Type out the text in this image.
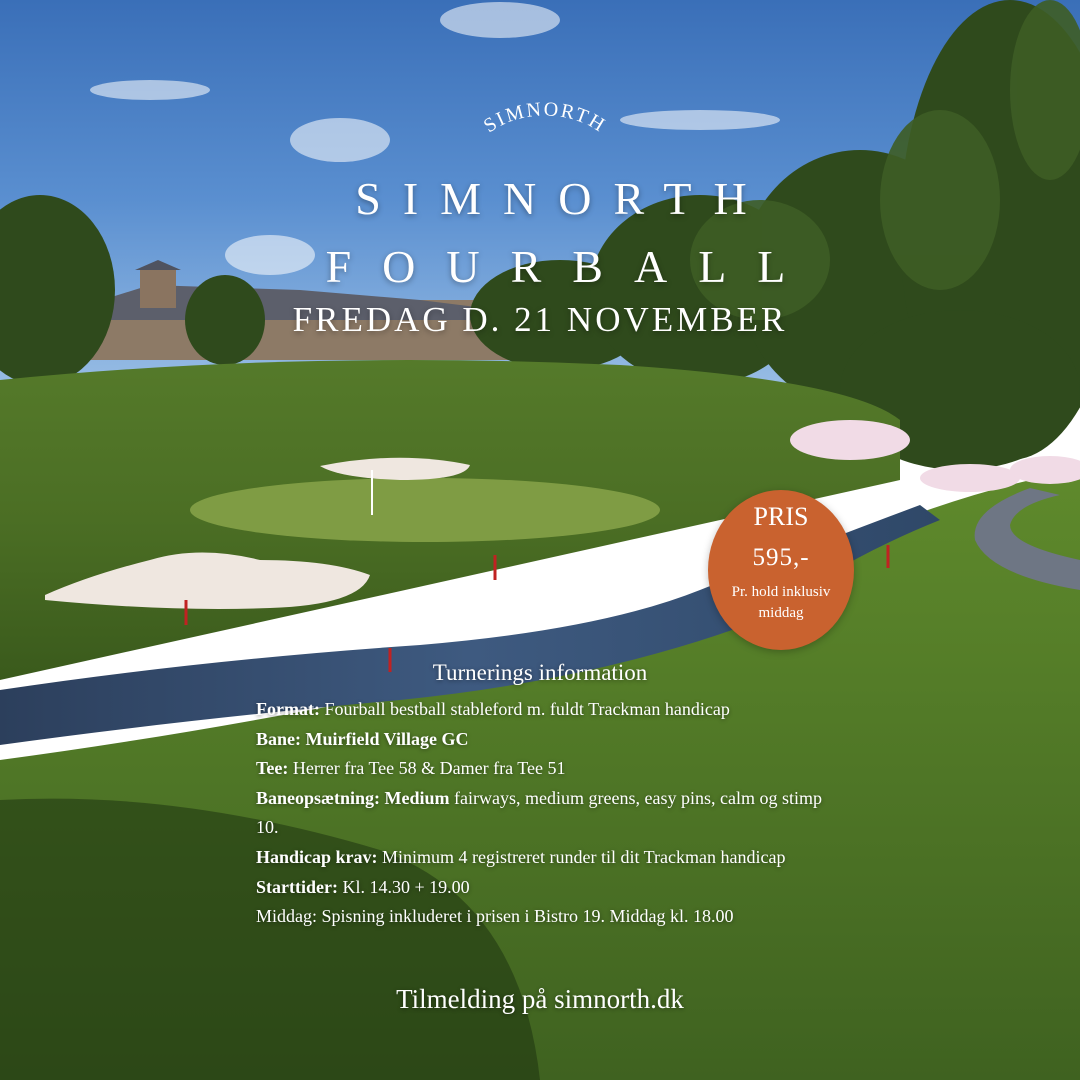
SIMNORTH
SIMNORTH
FOURBALL
FREDAG D. 21 NOVEMBER
PRIS
595,-
Pr. hold inklusiv middag
Turnerings information
Format: Fourball bestball stableford m. fuldt Trackman handicap
Bane: Muirfield Village GC
Tee: Herrer fra Tee 58 & Damer fra Tee 51
Baneopsætning: Medium fairways, medium greens, easy pins, calm og stimp 10.
Handicap krav: Minimum 4 registreret runder til dit Trackman handicap
Starttider: Kl. 14.30 + 19.00
Middag: Spisning inkluderet i prisen i Bistro 19. Middag kl. 18.00
Tilmelding på simnorth.dk
